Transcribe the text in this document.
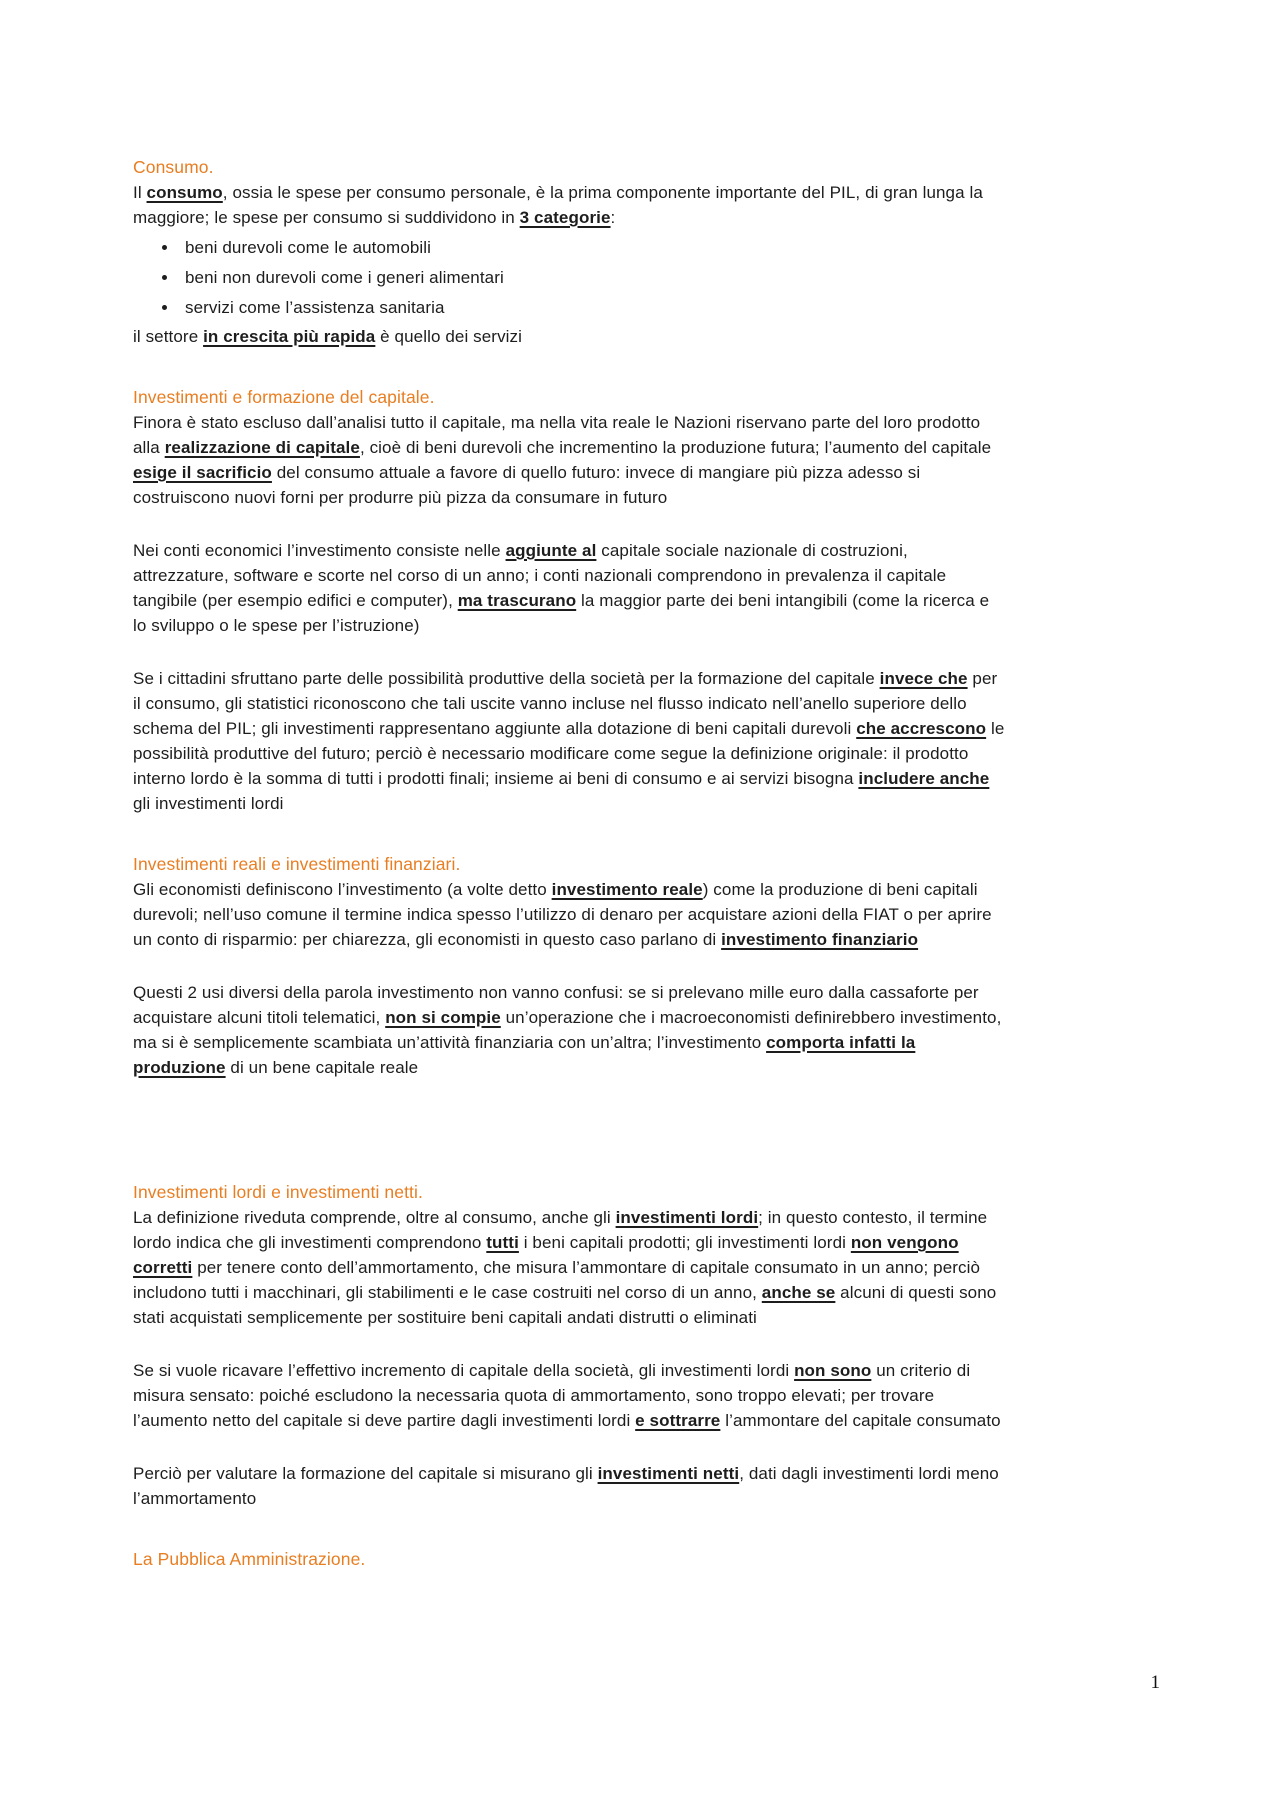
Consumo.
Il consumo, ossia le spese per consumo personale, è la prima componente importante del PIL, di gran lunga la maggiore; le spese per consumo si suddividono in 3 categorie:
• beni durevoli come le automobili
• beni non durevoli come i generi alimentari
• servizi come l’assistenza sanitaria
il settore in crescita più rapida è quello dei servizi
Investimenti e formazione del capitale.
Finora è stato escluso dall’analisi tutto il capitale, ma nella vita reale le Nazioni riservano parte del loro prodotto alla realizzazione di capitale, cioè di beni durevoli che incrementino la produzione futura; l’aumento del capitale esige il sacrificio del consumo attuale a favore di quello futuro: invece di mangiare più pizza adesso si costruiscono nuovi forni per produrre più pizza da consumare in futuro
Nei conti economici l’investimento consiste nelle aggiunte al capitale sociale nazionale di costruzioni, attrezzature, software e scorte nel corso di un anno; i conti nazionali comprendono in prevalenza il capitale tangibile (per esempio edifici e computer), ma trascurano la maggior parte dei beni intangibili (come la ricerca e lo sviluppo o le spese per l’istruzione)
Se i cittadini sfruttano parte delle possibilità produttive della società per la formazione del capitale invece che per il consumo, gli statistici riconoscono che tali uscite vanno incluse nel flusso indicato nell’anello superiore dello schema del PIL; gli investimenti rappresentano aggiunte alla dotazione di beni capitali durevoli che accrescono le possibilità produttive del futuro; perciò è necessario modificare come segue la definizione originale: il prodotto interno lordo è la somma di tutti i prodotti finali; insieme ai beni di consumo e ai servizi bisogna includere anche gli investimenti lordi
Investimenti reali e investimenti finanziari.
Gli economisti definiscono l’investimento (a volte detto investimento reale) come la produzione di beni capitali durevoli; nell’uso comune il termine indica spesso l’utilizzo di denaro per acquistare azioni della FIAT o per aprire un conto di risparmio: per chiarezza, gli economisti in questo caso parlano di investimento finanziario
Questi 2 usi diversi della parola investimento non vanno confusi: se si prelevano mille euro dalla cassaforte per acquistare alcuni titoli telematici, non si compie un’operazione che i macroeconomisti definirebbero investimento, ma si è semplicemente scambiata un’attività finanziaria con un’altra; l’investimento comporta infatti la produzione di un bene capitale reale
Investimenti lordi e investimenti netti.
La definizione riveduta comprende, oltre al consumo, anche gli investimenti lordi; in questo contesto, il termine lordo indica che gli investimenti comprendono tutti i beni capitali prodotti; gli investimenti lordi non vengono corretti per tenere conto dell’ammortamento, che misura l’ammontare di capitale consumato in un anno; perciò includono tutti i macchinari, gli stabilimenti e le case costruiti nel corso di un anno, anche se alcuni di questi sono stati acquistati semplicemente per sostituire beni capitali andati distrutti o eliminati
Se si vuole ricavare l’effettivo incremento di capitale della società, gli investimenti lordi non sono un criterio di misura sensato: poiché escludono la necessaria quota di ammortamento, sono troppo elevati; per trovare l’aumento netto del capitale si deve partire dagli investimenti lordi e sottrarre l’ammontare del capitale consumato
Perciò per valutare la formazione del capitale si misurano gli investimenti netti, dati dagli investimenti lordi meno l’ammortamento
La Pubblica Amministrazione.
1
